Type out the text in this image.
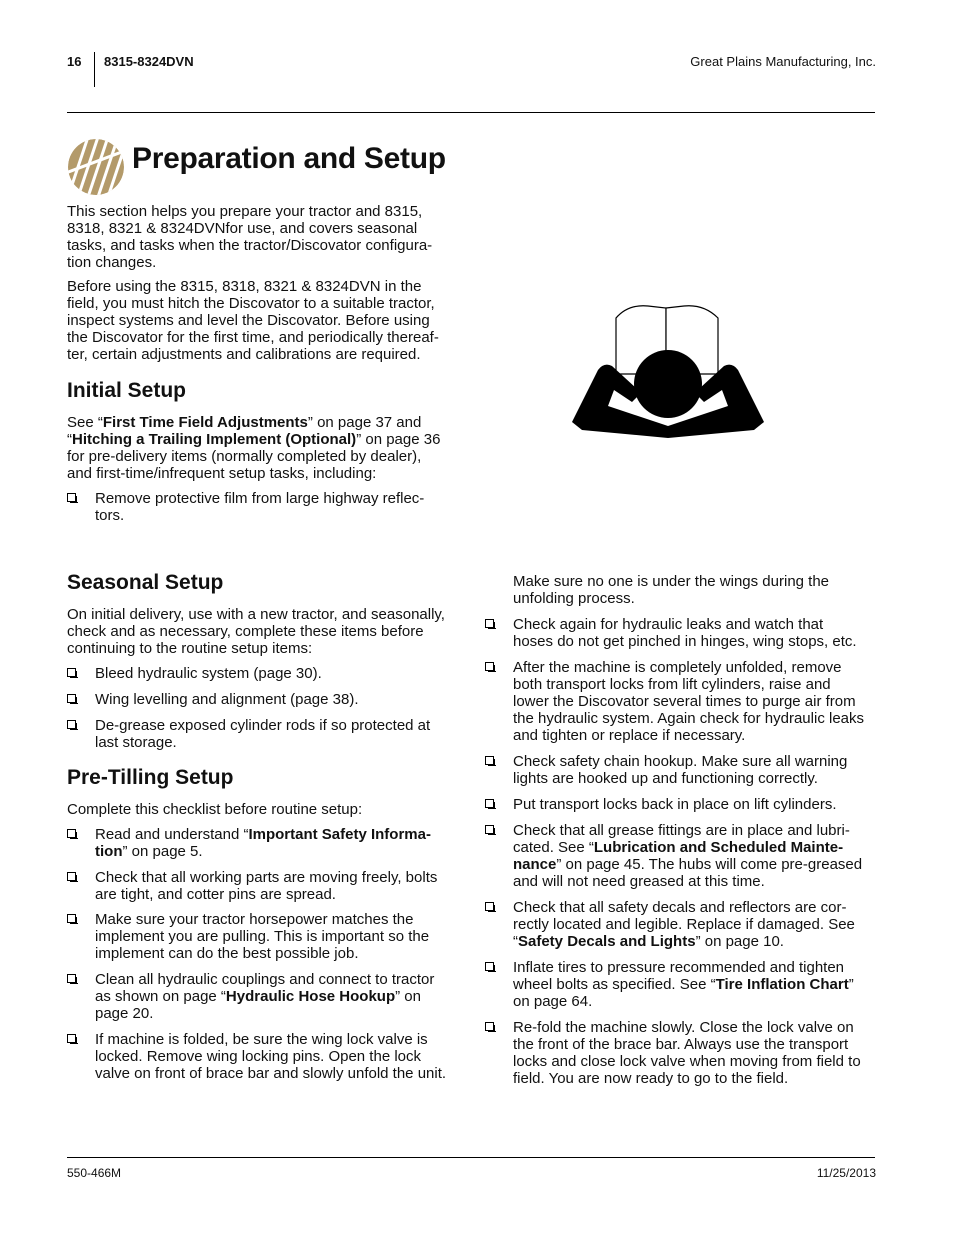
16 8315-8324DVN	Great Plains Manufacturing, Inc.
Preparation and Setup

This section helps you prepare your tractor and 8315,
8318, 8321 & 8324DVNfor use, and covers seasonal
tasks, and tasks when the tractor/Discovator configura-
tion changes.

Before using the 8315, 8318, 8321 & 8324DVN in the
field, you must hitch the Discovator to a suitable tractor,
inspect systems and level the Discovator. Before using
the Discovator for the first time, and periodically thereaf-
ter, certain adjustments and calibrations are required.

Initial Setup

See “First Time Field Adjustments” on page 37 and
“Hitching a Trailing Implement (Optional)” on page 36
for pre-delivery items (normally completed by dealer),
and first-time/infrequent setup tasks, including:

Remove protective film from large highway reflec-
tors.
Seasonal Setup

On initial delivery, use with a new tractor, and seasonally,
check and as necessary, complete these items before
continuing to the routine setup items:

Bleed hydraulic system (page 30).
Wing levelling and alignment (page 38).
De-grease exposed cylinder rods if so protected at
last storage.
Pre-Tilling Setup

Complete this checklist before routine setup:

Read and understand “Important Safety Informa-
tion” on page 5.
Check that all working parts are moving freely, bolts
are tight, and cotter pins are spread.
Make sure your tractor horsepower matches the
implement you are pulling. This is important so the
implement can do the best possible job.
Clean all hydraulic couplings and connect to tractor
as shown on page “Hydraulic Hose Hookup” on
page 20.
If machine is folded, be sure the wing lock valve is
locked. Remove wing locking pins. Open the lock
valve on front of brace bar and slowly unfold the unit.

Make sure no one is under the wings during the
unfolding process.

Check again for hydraulic leaks and watch that
hoses do not get pinched in hinges, wing stops, etc.
After the machine is completely unfolded, remove
both transport locks from lift cylinders, raise and
lower the Discovator several times to purge air from
the hydraulic system. Again check for hydraulic leaks
and tighten or replace if necessary.
Check safety chain hookup. Make sure all warning
lights are hooked up and functioning correctly.
Put transport locks back in place on lift cylinders.
Check that all grease fittings are in place and lubri-
cated. See “Lubrication and Scheduled Mainte-
nance” on page 45. The hubs will come pre-greased
and will not need greased at this time.
Check that all safety decals and reflectors are cor-
rectly located and legible. Replace if damaged. See
“Safety Decals and Lights” on page 10.
Inflate tires to pressure recommended and tighten
wheel bolts as specified. See “Tire Inflation Chart”
on page 64.
Re-fold the machine slowly. Close the lock valve on
the front of the brace bar. Always use the transport
locks and close lock valve when moving from field to
field. You are now ready to go to the field.
550-466M	11/25/2013
